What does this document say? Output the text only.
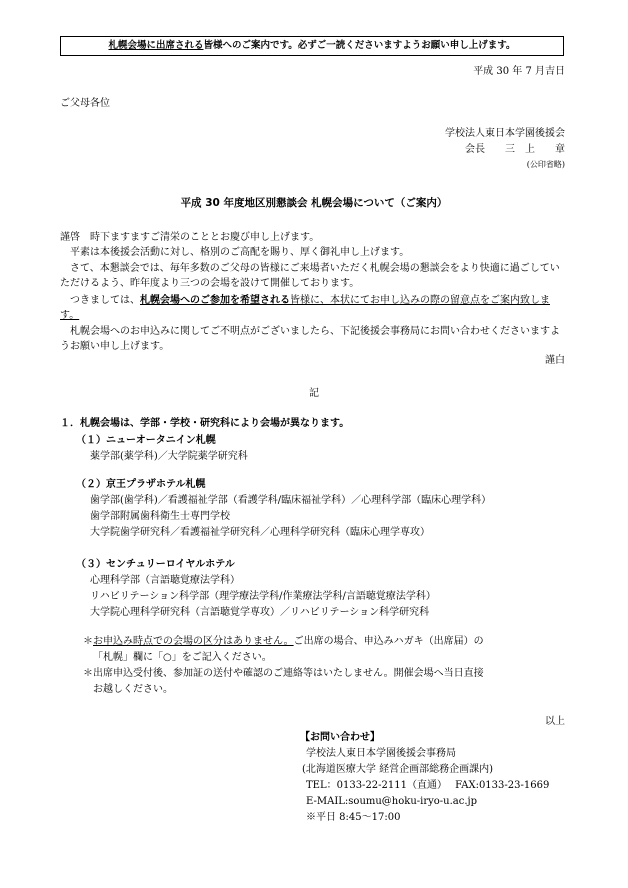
札幌会場に出席される皆様へのご案内です。必ずご一読くださいますようお願い申し上げます。
平成 30 年 7 月吉日
ご父母各位
学校法人東日本学園後援会
会長　　三　上　　章
(公印省略)
平成 30 年度地区別懇談会 札幌会場について（ご案内）
謹啓　時下ますますご清栄のこととお慶び申し上げます。
平素は本後援会活動に対し、格別のご高配を賜り、厚く御礼申し上げます。
さて、本懇談会では、毎年多数のご父母の皆様にご来場者いただく札幌会場の懇談会をより快適に過ごしていただけるよう、昨年度より三つの会場を設けて開催しております。
つきましては、札幌会場へのご参加を希望される皆様に、本状にてお申し込みの際の留意点をご案内致します。
札幌会場へのお申込みに関してご不明点がございましたら、下記後援会事務局にお問い合わせくださいますようお願い申し上げます。
謹白
記
１．札幌会場は、学部・学校・研究科により会場が異なります。
（１）ニューオータニイン札幌
薬学部(薬学科)／大学院薬学研究科
（２）京王プラザホテル札幌
歯学部(歯学科)／看護福祉学部（看護学科/臨床福祉学科）／心理科学部（臨床心理学科）
歯学部附属歯科衛生士専門学校
大学院歯学研究科／看護福祉学研究科／心理科学研究科（臨床心理学専攻）
（３）センチュリーロイヤルホテル
心理科学部（言語聴覚療法学科）
リハビリテーション科学部（理学療法学科/作業療法学科/言語聴覚療法学科）
大学院心理科学研究科（言語聴覚学専攻）／リハビリテーション科学研究科
＊お申込み時点での会場の区分はありません。ご出席の場合、申込みハガキ（出席届）の
「札幌」欄に「○」をご記入ください。
＊出席申込受付後、参加証の送付や確認のご連絡等はいたしません。開催会場へ当日直接
お越しください。
以上
【お問い合わせ】
学校法人東日本学園後援会事務局
(北海道医療大学 経営企画部総務企画課内)
TEL：0133-22-2111（直通）　 FAX:0133-23-1669
E-MAIL:soumu@hoku-iryo-u.ac.jp
※平日 8:45～17:00
